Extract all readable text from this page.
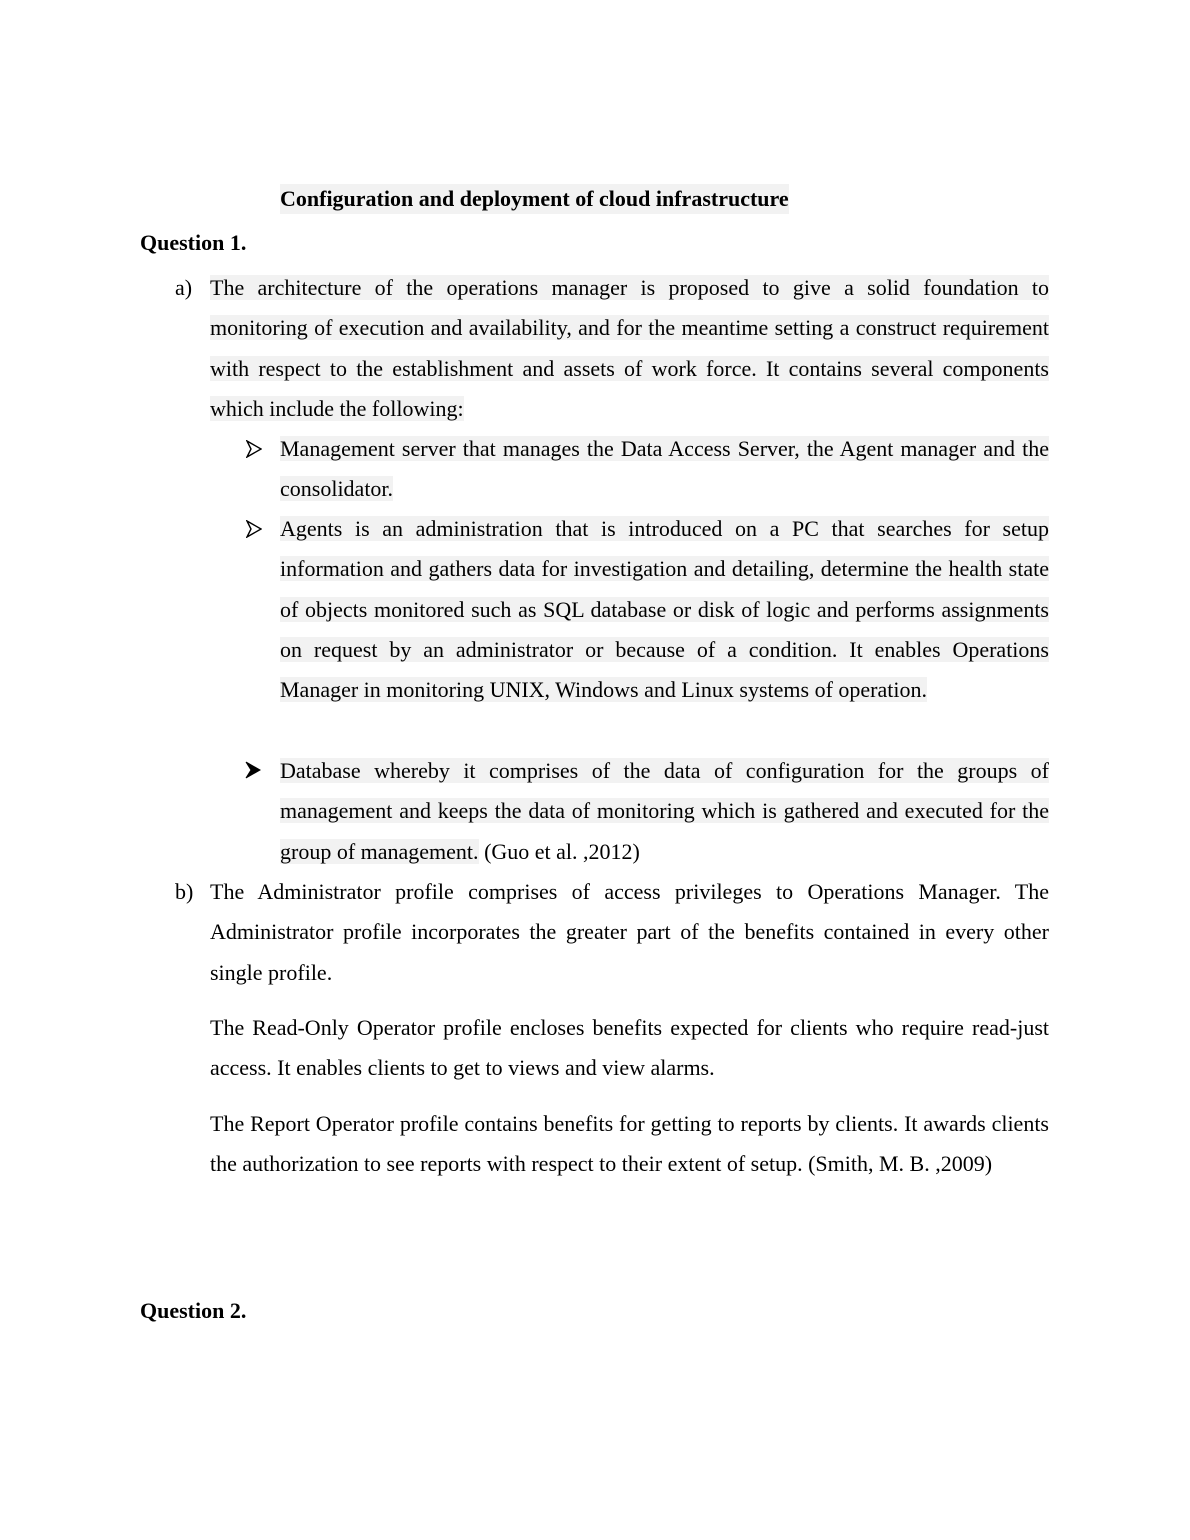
Configuration and deployment of cloud infrastructure
Question 1.
a) The architecture of the operations manager is proposed to give a solid foundation to monitoring of execution and availability, and for the meantime setting a construct requirement with respect to the establishment and assets of work force. It contains several components which include the following:

Management server that manages the Data Access Server, the Agent manager and the consolidator.

Agents is an administration that is introduced on a PC that searches for setup information and gathers data for investigation and detailing, determine the health state of objects monitored such as SQL database or disk of logic and performs assignments on request by an administrator or because of a condition. It enables Operations Manager in monitoring UNIX, Windows and Linux systems of operation.

Database whereby it comprises of the data of configuration for the groups of management and keeps the data of monitoring which is gathered and executed for the group of management. (Guo et al. ,2012)

b) The Administrator profile comprises of access privileges to Operations Manager. The Administrator profile incorporates the greater part of the benefits contained in every other single profile.

The Read-Only Operator profile encloses benefits expected for clients who require read-just access. It enables clients to get to views and view alarms.

The Report Operator profile contains benefits for getting to reports by clients. It awards clients the authorization to see reports with respect to their extent of setup. (Smith, M. B. ,2009)

Question 2.
